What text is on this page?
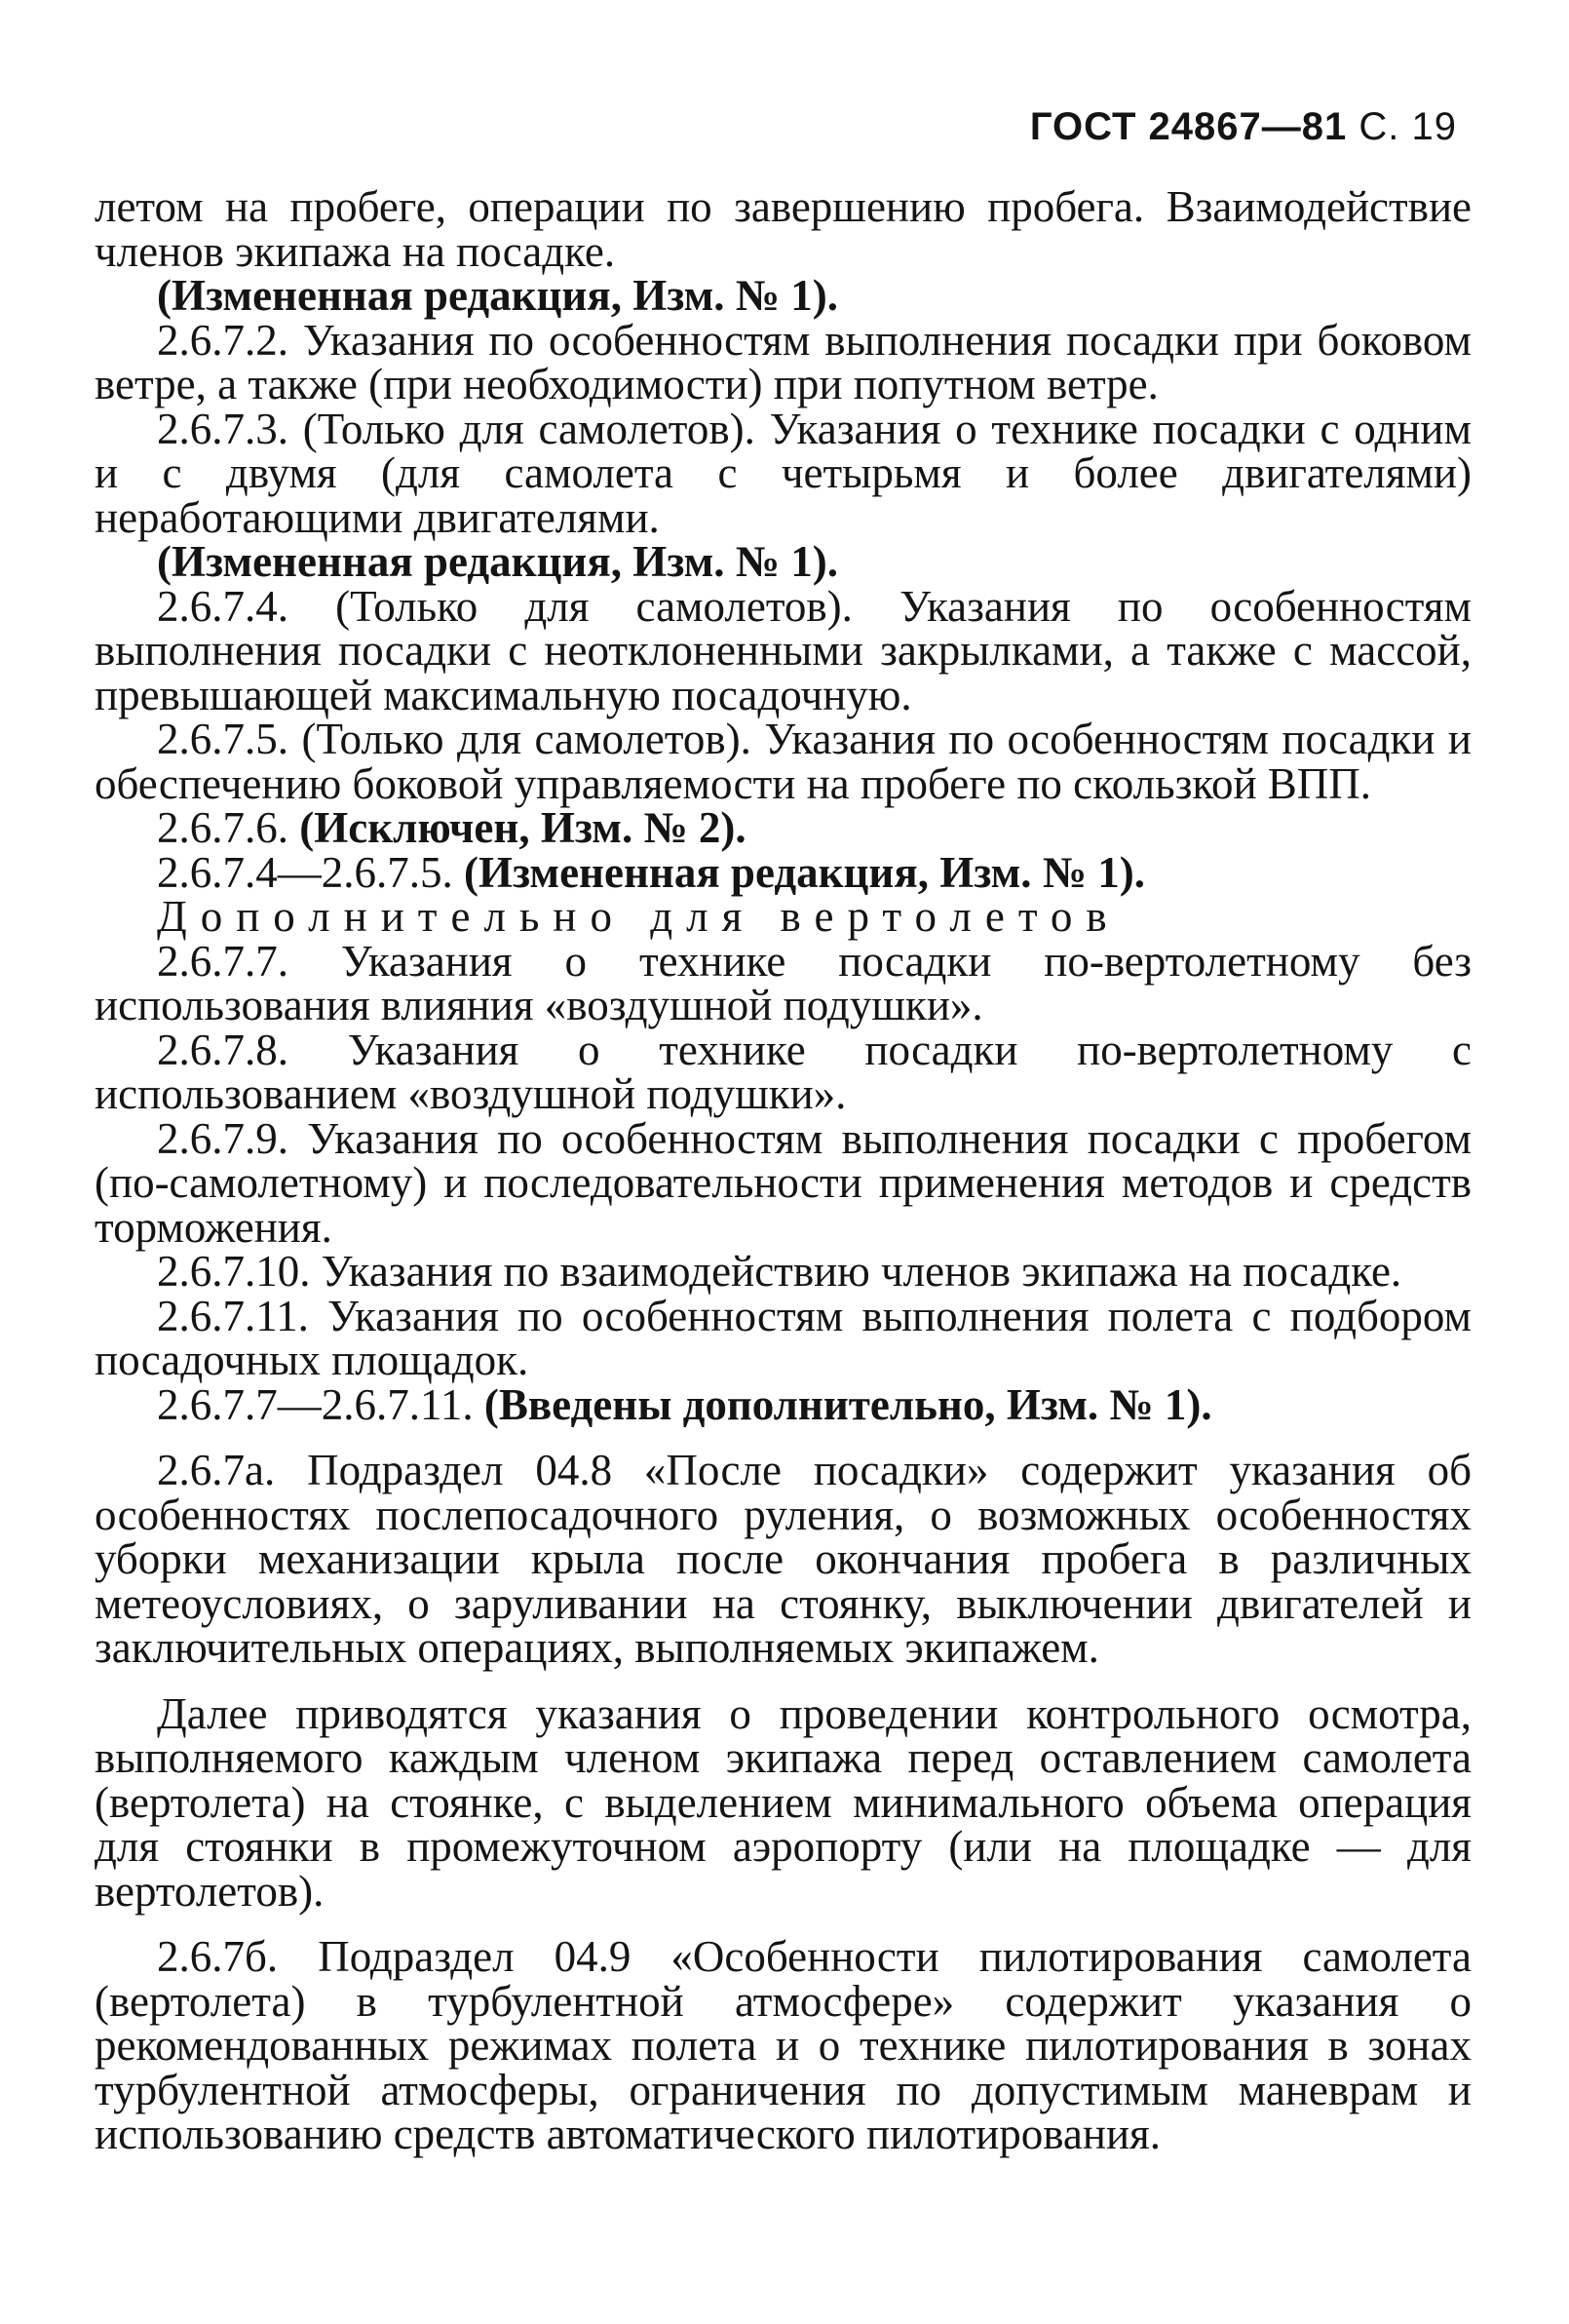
ГОСТ 24867—81 С. 19

летом на пробеге, операции по завершению пробега. Взаимодействие членов экипажа на посадке.

(Измененная редакция, Изм. № 1).

2.6.7.2. Указания по особенностям выполнения посадки при боковом ветре, а также (при необходимости) при попутном ветре.

2.6.7.3. (Только для самолетов). Указания о технике посадки с одним и с двумя (для самолета с четырьмя и более двигателями) неработающими двигателями.

(Измененная редакция, Изм. № 1).

2.6.7.4. (Только для самолетов). Указания по особенностям выполнения посадки с неотклоненными закрылками, а также с массой, превышающей максимальную посадочную.

2.6.7.5. (Только для самолетов). Указания по особенностям посадки и обеспечению боковой управляемости на пробеге по скользкой ВПП.

2.6.7.6. (Исключен, Изм. № 2).

2.6.7.4—2.6.7.5. (Измененная редакция, Изм. № 1).

Дополнительно для вертолетов

2.6.7.7. Указания о технике посадки по-вертолетному без использования влияния «воздушной подушки».

2.6.7.8. Указания о технике посадки по-вертолетному с использованием «воздушной подушки».

2.6.7.9. Указания по особенностям выполнения посадки с пробегом (по-самолетному) и последовательности применения методов и средств торможения.

2.6.7.10. Указания по взаимодействию членов экипажа на посадке.

2.6.7.11. Указания по особенностям выполнения полета с подбором посадочных площадок.

2.6.7.7—2.6.7.11. (Введены дополнительно, Изм. № 1).

2.6.7а. Подраздел 04.8 «После посадки» содержит указания об особенностях послепосадочного руления, о возможных особенностях уборки механизации крыла после окончания пробега в различных метеоусловиях, о заруливании на стоянку, выключении двигателей и заключительных операциях, выполняемых экипажем.

Далее приводятся указания о проведении контрольного осмотра, выполняемого каждым членом экипажа перед оставлением самолета (вертолета) на стоянке, с выделением минимального объема операция для стоянки в промежуточном аэропорту (или на площадке — для вертолетов).

2.6.7б. Подраздел 04.9 «Особенности пилотирования самолета (вертолета) в турбулентной атмосфере» содержит указания о рекомендованных режимах полета и о технике пилотирования в зонах турбулентной атмосферы, ограничения по допустимым маневрам и использованию средств автоматического пилотирования.
